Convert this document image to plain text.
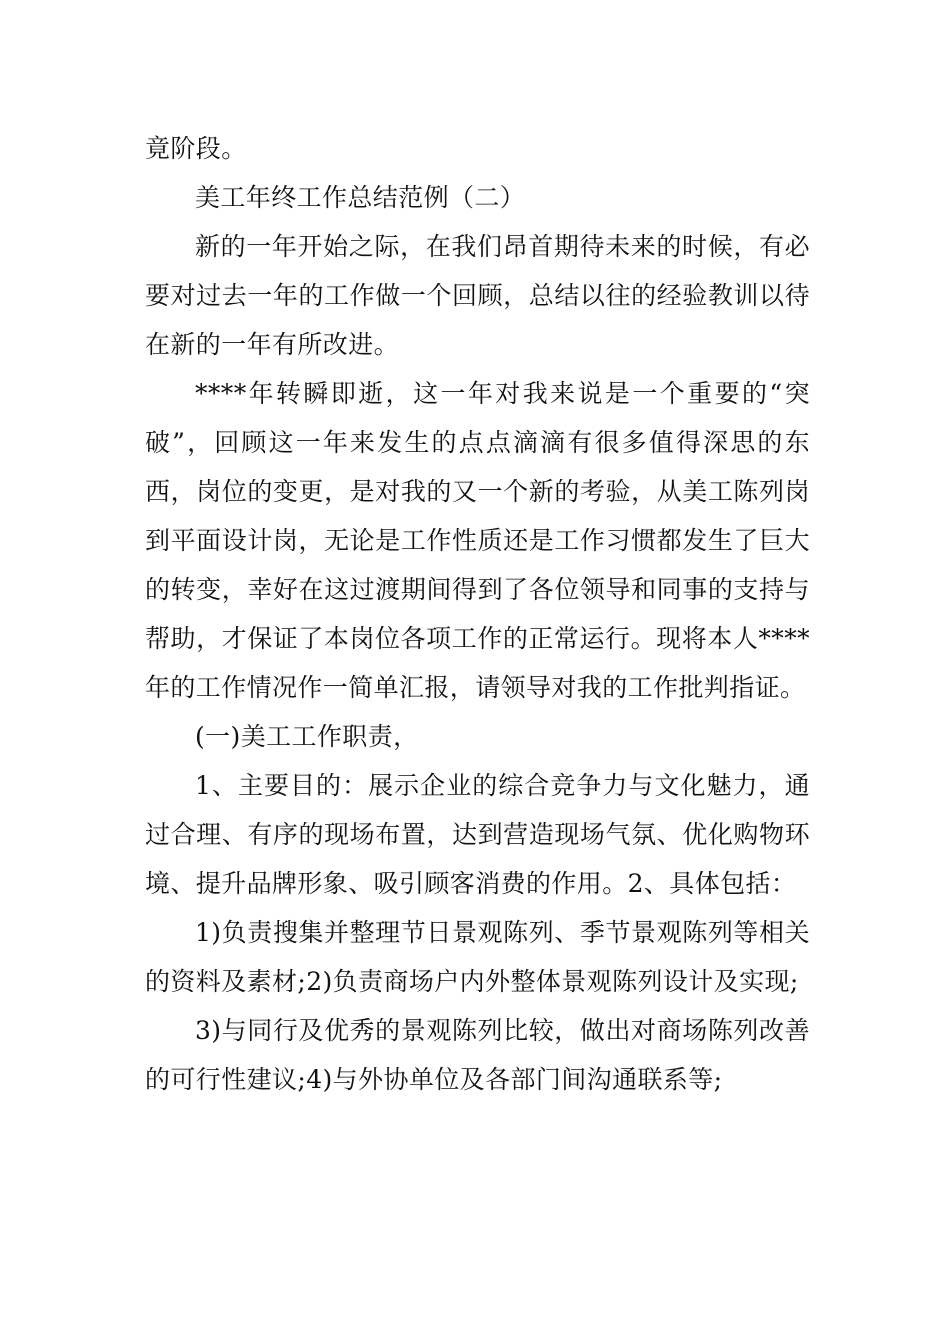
竟阶段。

美工年终工作总结范例（二）

新的一年开始之际，在我们昂首期待未来的时候，有必要对过去一年的工作做一个回顾，总结以往的经验教训以待在新的一年有所改进。

****年转瞬即逝，这一年对我来说是一个重要的“突破”，回顾这一年来发生的点点滴滴有很多值得深思的东西，岗位的变更，是对我的又一个新的考验，从美工陈列岗到平面设计岗，无论是工作性质还是工作习惯都发生了巨大的转变，幸好在这过渡期间得到了各位领导和同事的支持与帮助，才保证了本岗位各项工作的正常运行。现将本人****年的工作情况作一简单汇报，请领导对我的工作批判指证。

(一)美工工作职责，

1、主要目的：展示企业的综合竞争力与文化魅力，通过合理、有序的现场布置，达到营造现场气氛、优化购物环境、提升品牌形象、吸引顾客消费的作用。2、具体包括：

1)负责搜集并整理节日景观陈列、季节景观陈列等相关的资料及素材;2)负责商场户内外整体景观陈列设计及实现;

3)与同行及优秀的景观陈列比较，做出对商场陈列改善的可行性建议;4)与外协单位及各部门间沟通联系等;
